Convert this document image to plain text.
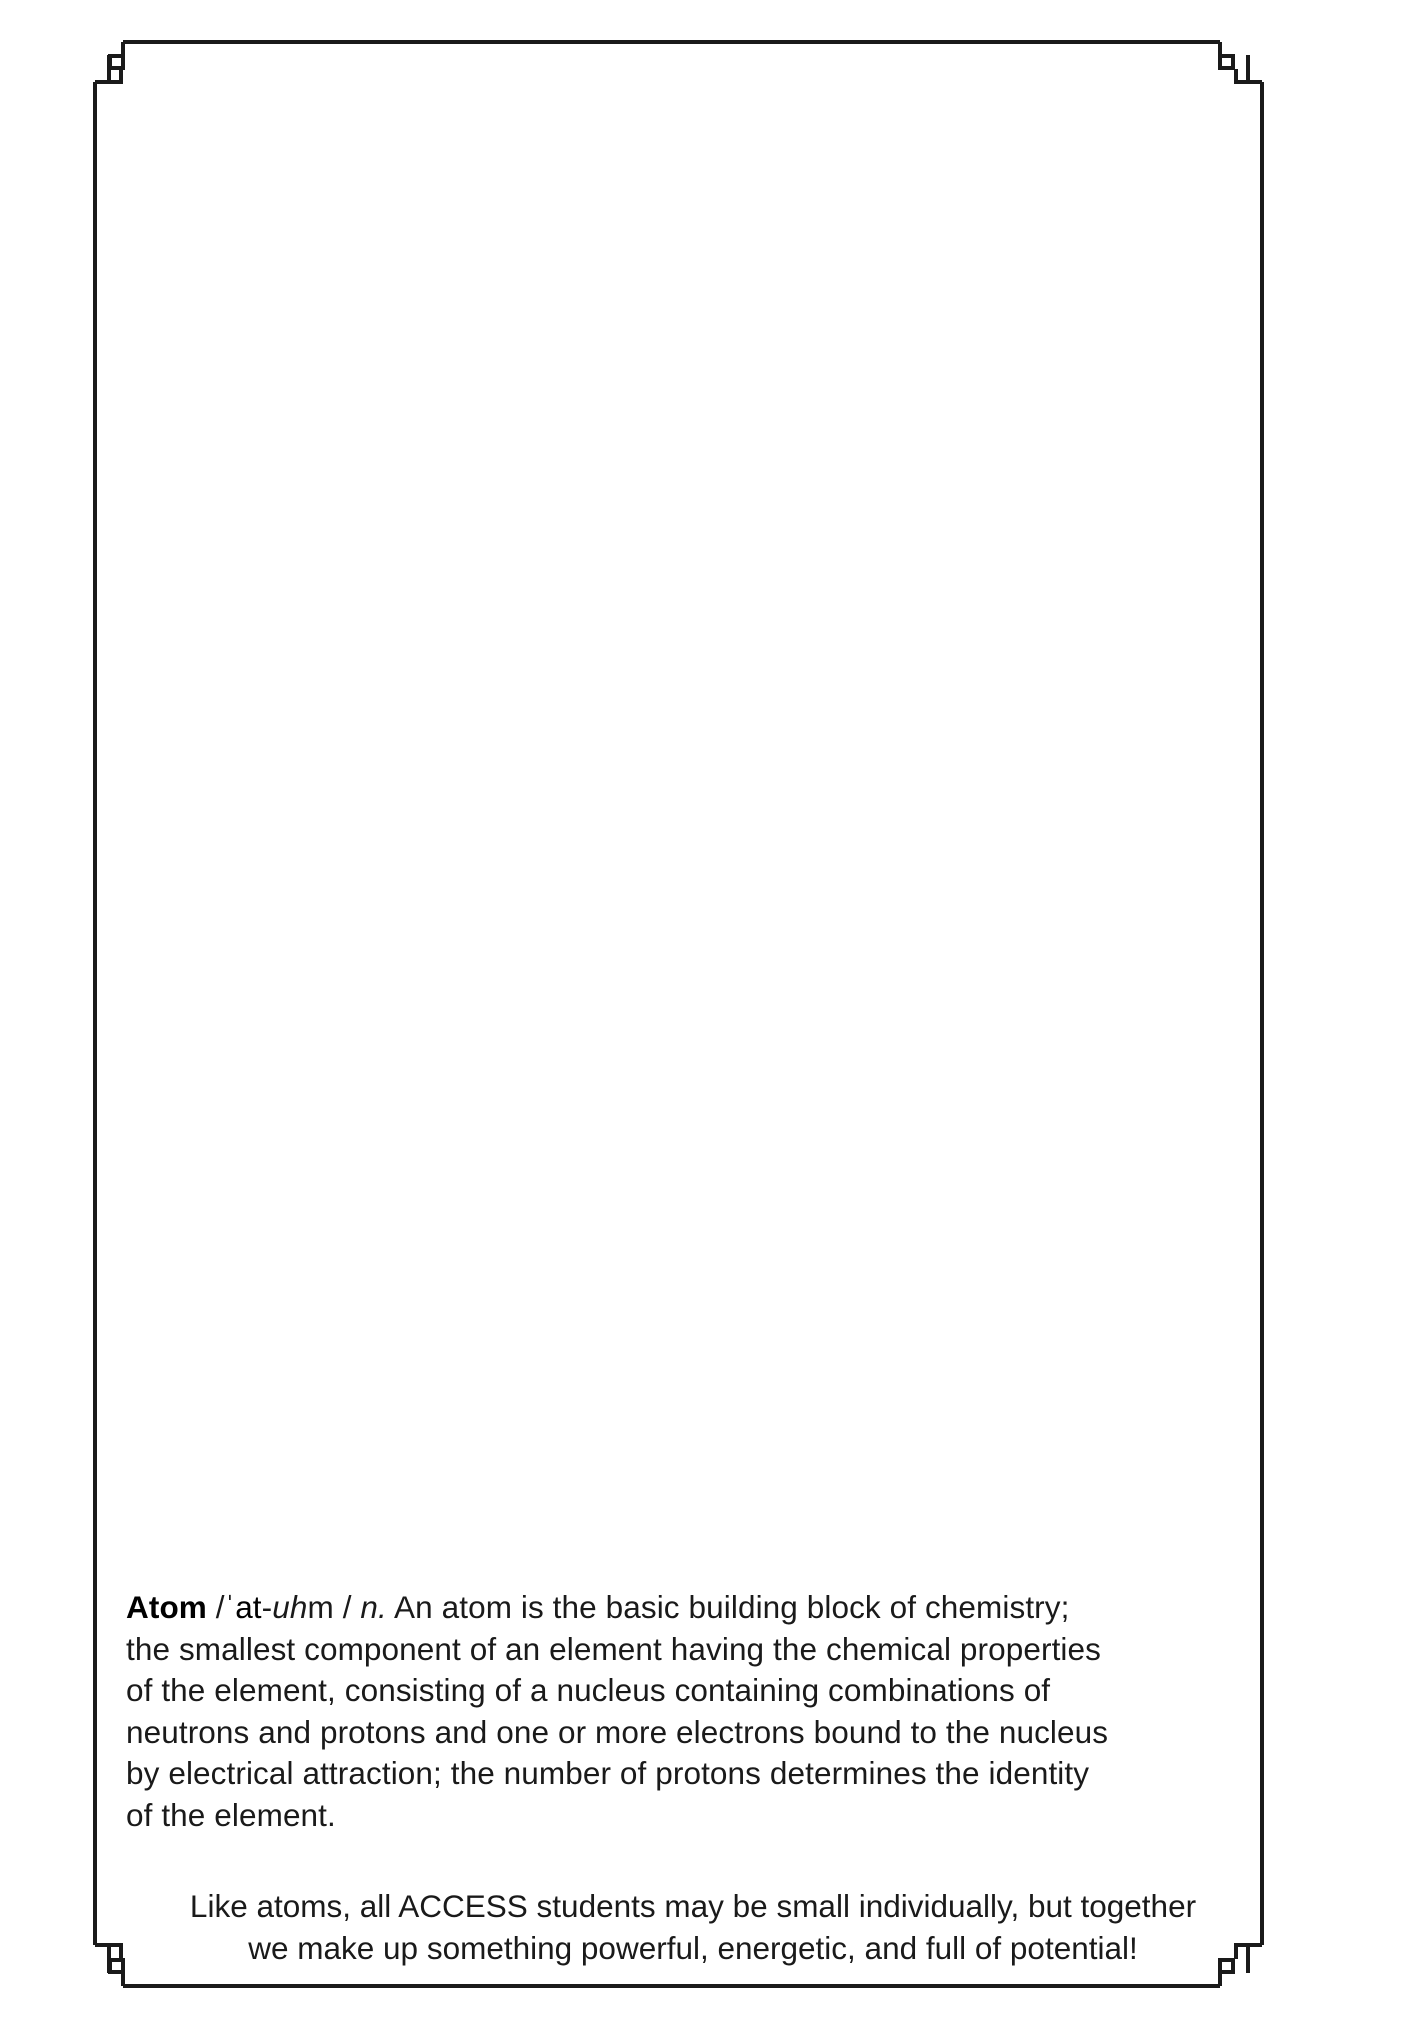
Atom /ˈat-uhm / n. An atom is the basic building block of chemistry;
the smallest component of an element having the chemical properties
of the element, consisting of a nucleus containing combinations of
neutrons and protons and one or more electrons bound to the nucleus
by electrical attraction; the number of protons determines the identity
of the element.
Like atoms, all ACCESS students may be small individually, but together
we make up something powerful, energetic, and full of potential!
